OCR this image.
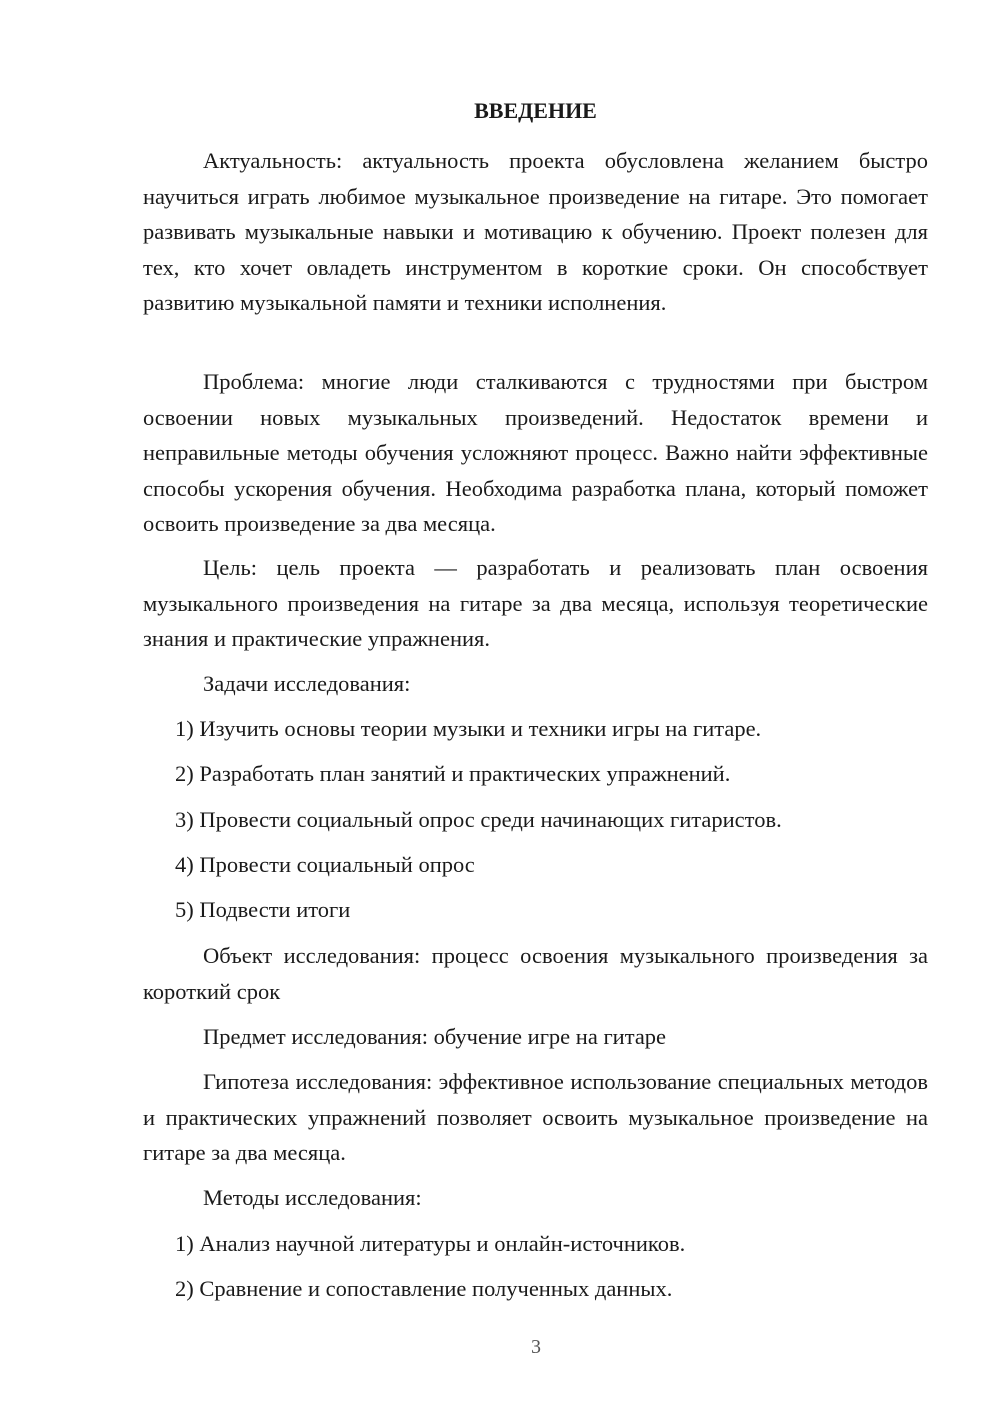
ВВЕДЕНИЕ
Актуальность: актуальность проекта обусловлена желанием быстро научиться играть любимое музыкальное произведение на гитаре. Это помогает развивать музыкальные навыки и мотивацию к обучению. Проект полезен для тех, кто хочет овладеть инструментом в короткие сроки. Он способствует развитию музыкальной памяти и техники исполнения.
Проблема: многие люди сталкиваются с трудностями при быстром освоении новых музыкальных произведений. Недостаток времени и неправильные методы обучения усложняют процесс. Важно найти эффективные способы ускорения обучения. Необходима разработка плана, который поможет освоить произведение за два месяца.
Цель: цель проекта — разработать и реализовать план освоения музыкального произведения на гитаре за два месяца, используя теоретические знания и практические упражнения.
Задачи исследования:
1) Изучить основы теории музыки и техники игры на гитаре.
2) Разработать план занятий и практических упражнений.
3) Провести социальный опрос среди начинающих гитаристов.
4) Провести социальный опрос
5) Подвести итоги
Объект исследования: процесс освоения музыкального произведения за короткий срок
Предмет исследования: обучение игре на гитаре
Гипотеза исследования: эффективное использование специальных методов и практических упражнений позволяет освоить музыкальное произведение на гитаре за два месяца.
Методы исследования:
1) Анализ научной литературы и онлайн-источников.
2) Сравнение и сопоставление полученных данных.
3
